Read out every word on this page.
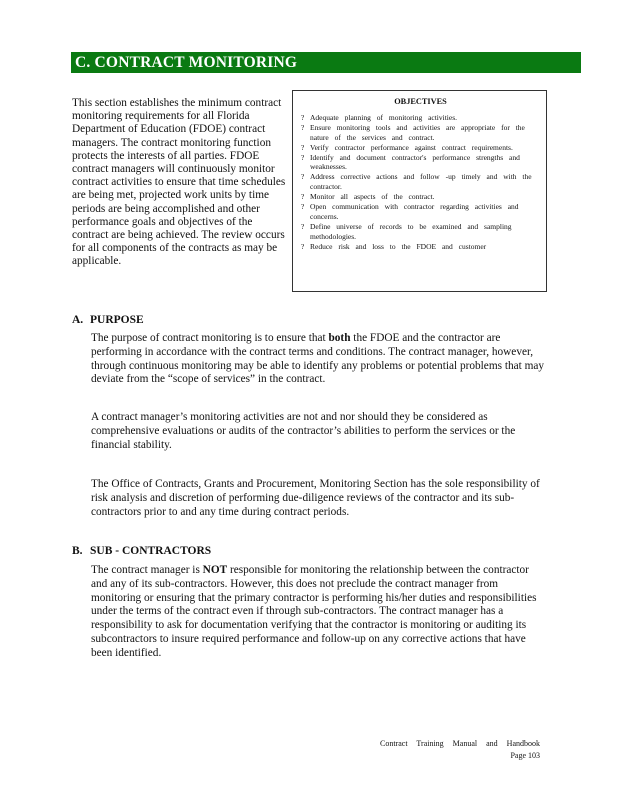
C. CONTRACT MONITORING

This section establishes the minimum contract monitoring requirements for all Florida Department of Education (FDOE) contract managers. The contract monitoring function protects the interests of all parties. FDOE contract managers will continuously monitor contract activities to ensure that time schedules are being met, projected work units by time periods are being accomplished and other performance goals and objectives of the contract are being achieved. The review occurs for all components of the contracts as may be applicable.

OBJECTIVES
? Adequate planning of monitoring activities.
? Ensure monitoring tools and activities are appropriate for the nature of the services and contract.
? Verify contractor performance against contract requirements.
? Identify and document contractor's performance strengths and weaknesses.
? Address corrective actions and follow -up timely and with the contractor.
? Monitor all aspects of the contract.
? Open communication with contractor regarding activities and concerns.
? Define universe of records to be examined and sampling methodologies.
? Reduce risk and loss to the FDOE and customer
A. PURPOSE

The purpose of contract monitoring is to ensure that both the FDOE and the contractor are performing in accordance with the contract terms and conditions. The contract manager, however, through continuous monitoring may be able to identify any problems or potential problems that may deviate from the “scope of services” in the contract.

A contract manager’s monitoring activities are not and nor should they be considered as comprehensive evaluations or audits of the contractor’s abilities to perform the services or the financial stability.

The Office of Contracts, Grants and Procurement, Monitoring Section has the sole responsibility of risk analysis and discretion of performing due-diligence reviews of the contractor and its sub-contractors prior to and any time during contract periods.

B. SUB - CONTRACTORS

The contract manager is NOT responsible for monitoring the relationship between the contractor and any of its sub-contractors. However, this does not preclude the contract manager from monitoring or ensuring that the primary contractor is performing his/her duties and responsibilities under the terms of the contract even if through sub-contractors. The contract manager has a responsibility to ask for documentation verifying that the contractor is monitoring or auditing its subcontractors to insure required performance and follow-up on any corrective actions that have been identified.

Contract Training Manual and Handbook
Page 103
